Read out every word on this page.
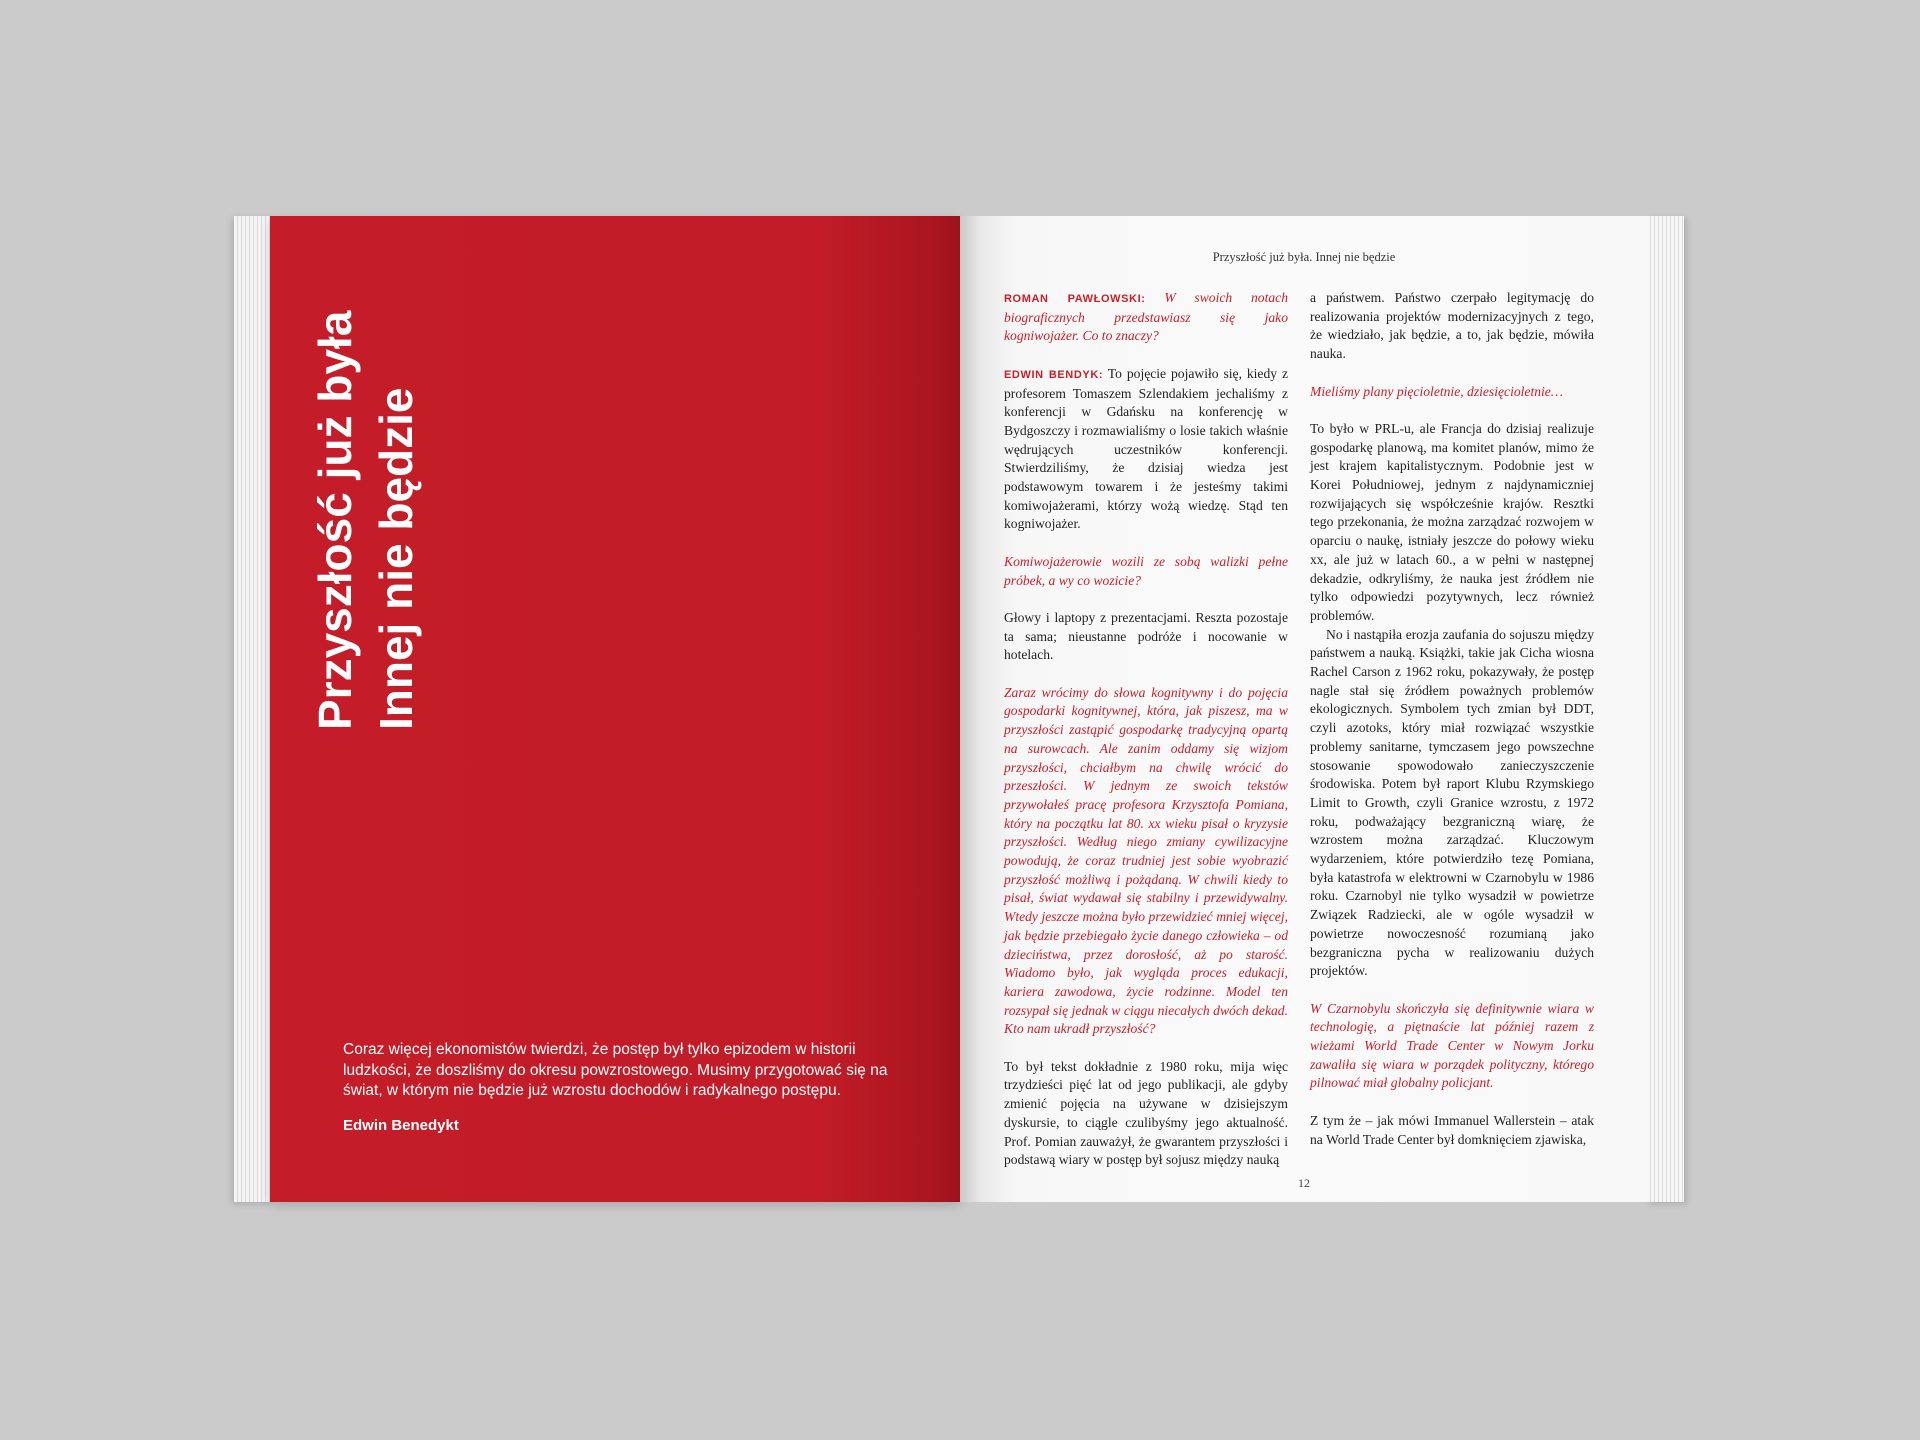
Przyszłość już była Innej nie będzie
Coraz więcej ekonomistów twierdzi, że postęp był tylko epizodem w historii ludzkości, że doszliśmy do okresu powzrostowego. Musimy przygotować się na świat, w którym nie będzie już wzrostu dochodów i radykalnego postępu.
Edwin Benedykt
Przyszłość już była. Innej nie będzie

ROMAN PAWŁOWSKI: W swoich notach biograficznych przedstawiasz się jako kogniwojażer. Co to znaczy?

EDWIN BENDYK: To pojęcie pojawiło się, kiedy z profesorem Tomaszem Szlendakiem jechaliśmy z konferencji w Gdańsku na konferencję w Bydgoszczy i rozmawialiśmy o losie takich właśnie wędrujących uczestników konferencji. Stwierdziliśmy, że dzisiaj wiedza jest podstawowym towarem i że jesteśmy takimi komiwojażerami, którzy wożą wiedzę. Stąd ten kogniwojażer.

Komiwojażerowie wozili ze sobą walizki pełne próbek, a wy co wozicie?

Głowy i laptopy z prezentacjami. Reszta pozostaje ta sama; nieustanne podróże i nocowanie w hotelach.

Zaraz wrócimy do słowa kognitywny i do pojęcia gospodarki kognitywnej, która, jak piszesz, ma w przyszłości zastąpić gospodarkę tradycyjną opartą na surowcach. Ale zanim oddamy się wizjom przyszłości, chciałbym na chwilę wrócić do przeszłości. W jednym ze swoich tekstów przywołałeś pracę profesora Krzysztofa Pomiana, który na początku lat 80. xx wieku pisał o kryzysie przyszłości. Według niego zmiany cywilizacyjne powodują, że coraz trudniej jest sobie wyobrazić przyszłość możliwą i pożądaną. W chwili kiedy to pisał, świat wydawał się stabilny i przewidywalny. Wtedy jeszcze można było przewidzieć mniej więcej, jak będzie przebiegało życie danego człowieka – od dzieciństwa, przez dorosłość, aż po starość. Wiadomo było, jak wygląda proces edukacji, kariera zawodowa, życie rodzinne. Model ten rozsypał się jednak w ciągu niecałych dwóch dekad. Kto nam ukradł przyszłość?

To był tekst dokładnie z 1980 roku, mija więc trzydzieści pięć lat od jego publikacji, ale gdyby zmienić pojęcia na używane w dzisiejszym dyskursie, to ciągle czulibyśmy jego aktualność. Prof. Pomian zauważył, że gwarantem przyszłości i podstawą wiary w postęp był sojusz między nauką

a państwem. Państwo czerpało legitymację do realizowania projektów modernizacyjnych z tego, że wiedziało, jak będzie, a to, jak będzie, mówiła nauka.

Mieliśmy plany pięcioletnie, dziesięcioletnie…

To było w PRL-u, ale Francja do dzisiaj realizuje gospodarkę planową, ma komitet planów, mimo że jest krajem kapitalistycznym. Podobnie jest w Korei Południowej, jednym z najdynamiczniej rozwijających się współcześnie krajów. Resztki tego przekonania, że można zarządzać rozwojem w oparciu o naukę, istniały jeszcze do połowy wieku xx, ale już w latach 60., a w pełni w następnej dekadzie, odkryliśmy, że nauka jest źródłem nie tylko odpowiedzi pozytywnych, lecz również problemów.

No i nastąpiła erozja zaufania do sojuszu między państwem a nauką. Książki, takie jak Cicha wiosna Rachel Carson z 1962 roku, pokazywały, że postęp nagle stał się źródłem poważnych problemów ekologicznych. Symbolem tych zmian był DDT, czyli azotoks, który miał rozwiązać wszystkie problemy sanitarne, tymczasem jego powszechne stosowanie spowodowało zanieczyszczenie środowiska. Potem był raport Klubu Rzymskiego Limit to Growth, czyli Granice wzrostu, z 1972 roku, podważający bezgraniczną wiarę, że wzrostem można zarządzać. Kluczowym wydarzeniem, które potwierdziło tezę Pomiana, była katastrofa w elektrowni w Czarnobylu w 1986 roku. Czarnobyl nie tylko wysadził w powietrze Związek Radziecki, ale w ogóle wysadził w powietrze nowoczesność rozumianą jako bezgraniczna pycha w realizowaniu dużych projektów.

W Czarnobylu skończyła się definitywnie wiara w technologię, a piętnaście lat później razem z wieżami World Trade Center w Nowym Jorku zawaliła się wiara w porządek polityczny, którego pilnować miał globalny policjant.

Z tym że – jak mówi Immanuel Wallerstein – atak na World Trade Center był domknięciem zjawiska,

12
